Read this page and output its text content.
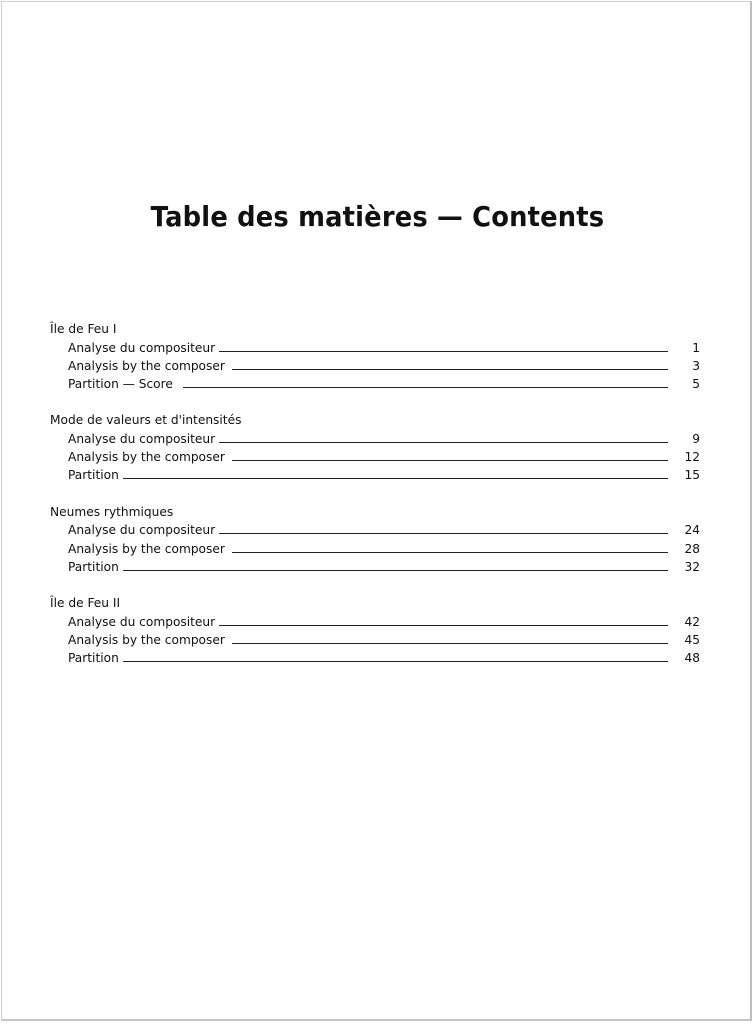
Table des matières — Contents
Île de Feu I
Analyse du compositeur	1
Analysis by the composer	3
Partition — Score	5
Mode de valeurs et d'intensités
Analyse du compositeur	9
Analysis by the composer	12
Partition	15
Neumes rythmiques
Analyse du compositeur	24
Analysis by the composer	28
Partition	32
Île de Feu II
Analyse du compositeur	42
Analysis by the composer	45
Partition	48
